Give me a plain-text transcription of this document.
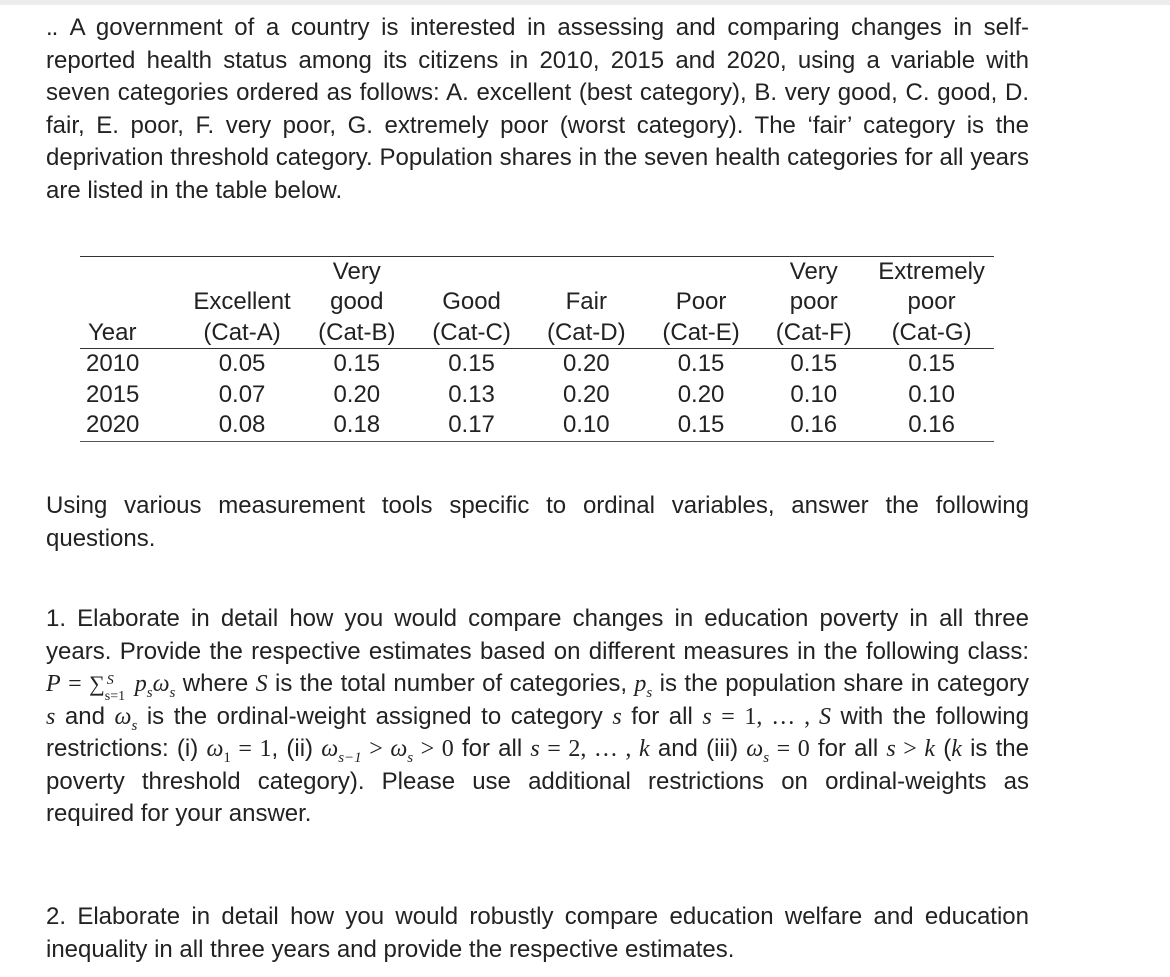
.. A government of a country is interested in assessing and comparing changes in self-reported health status among its citizens in 2010, 2015 and 2020, using a variable with seven categories ordered as follows: A. excellent (best category), B. very good, C. good, D. fair, E. poor, F. very poor, G. extremely poor (worst category). The ‘fair’ category is the deprivation threshold category. Population shares in the seven health categories for all years are listed in the table below.

		Very				Very	Extremely
	Excellent	good	Good	Fair	Poor	poor	poor
Year	(Cat-A)	(Cat-B)	(Cat-C)	(Cat-D)	(Cat-E)	(Cat-F)	(Cat-G)
2010	0.05	0.15	0.15	0.20	0.15	0.15	0.15
2015	0.07	0.20	0.13	0.20	0.20	0.10	0.10
2020	0.08	0.18	0.17	0.10	0.15	0.16	0.16

Using various measurement tools specific to ordinal variables, answer the following questions.

1. Elaborate in detail how you would compare changes in education poverty in all three years. Provide the respective estimates based on different measures in the following class: P = ∑ S
s=1 $p_s\omega_s$ where S is the total number of categories, $p_s$ is the population share in category s and $\omega_s$ is the ordinal-weight assigned to category s for all s = 1, … , S with the following restrictions: (i) $\omega_1 = 1$, (ii) $\omega_{s-1} > \omega_s > 0$ for all s = 2, … , k and (iii) $\omega_s = 0$ for all s > k (k is the poverty threshold category). Please use additional restrictions on ordinal-weights as required for your answer.

2. Elaborate in detail how you would robustly compare education welfare and education inequality in all three years and provide the respective estimates.
